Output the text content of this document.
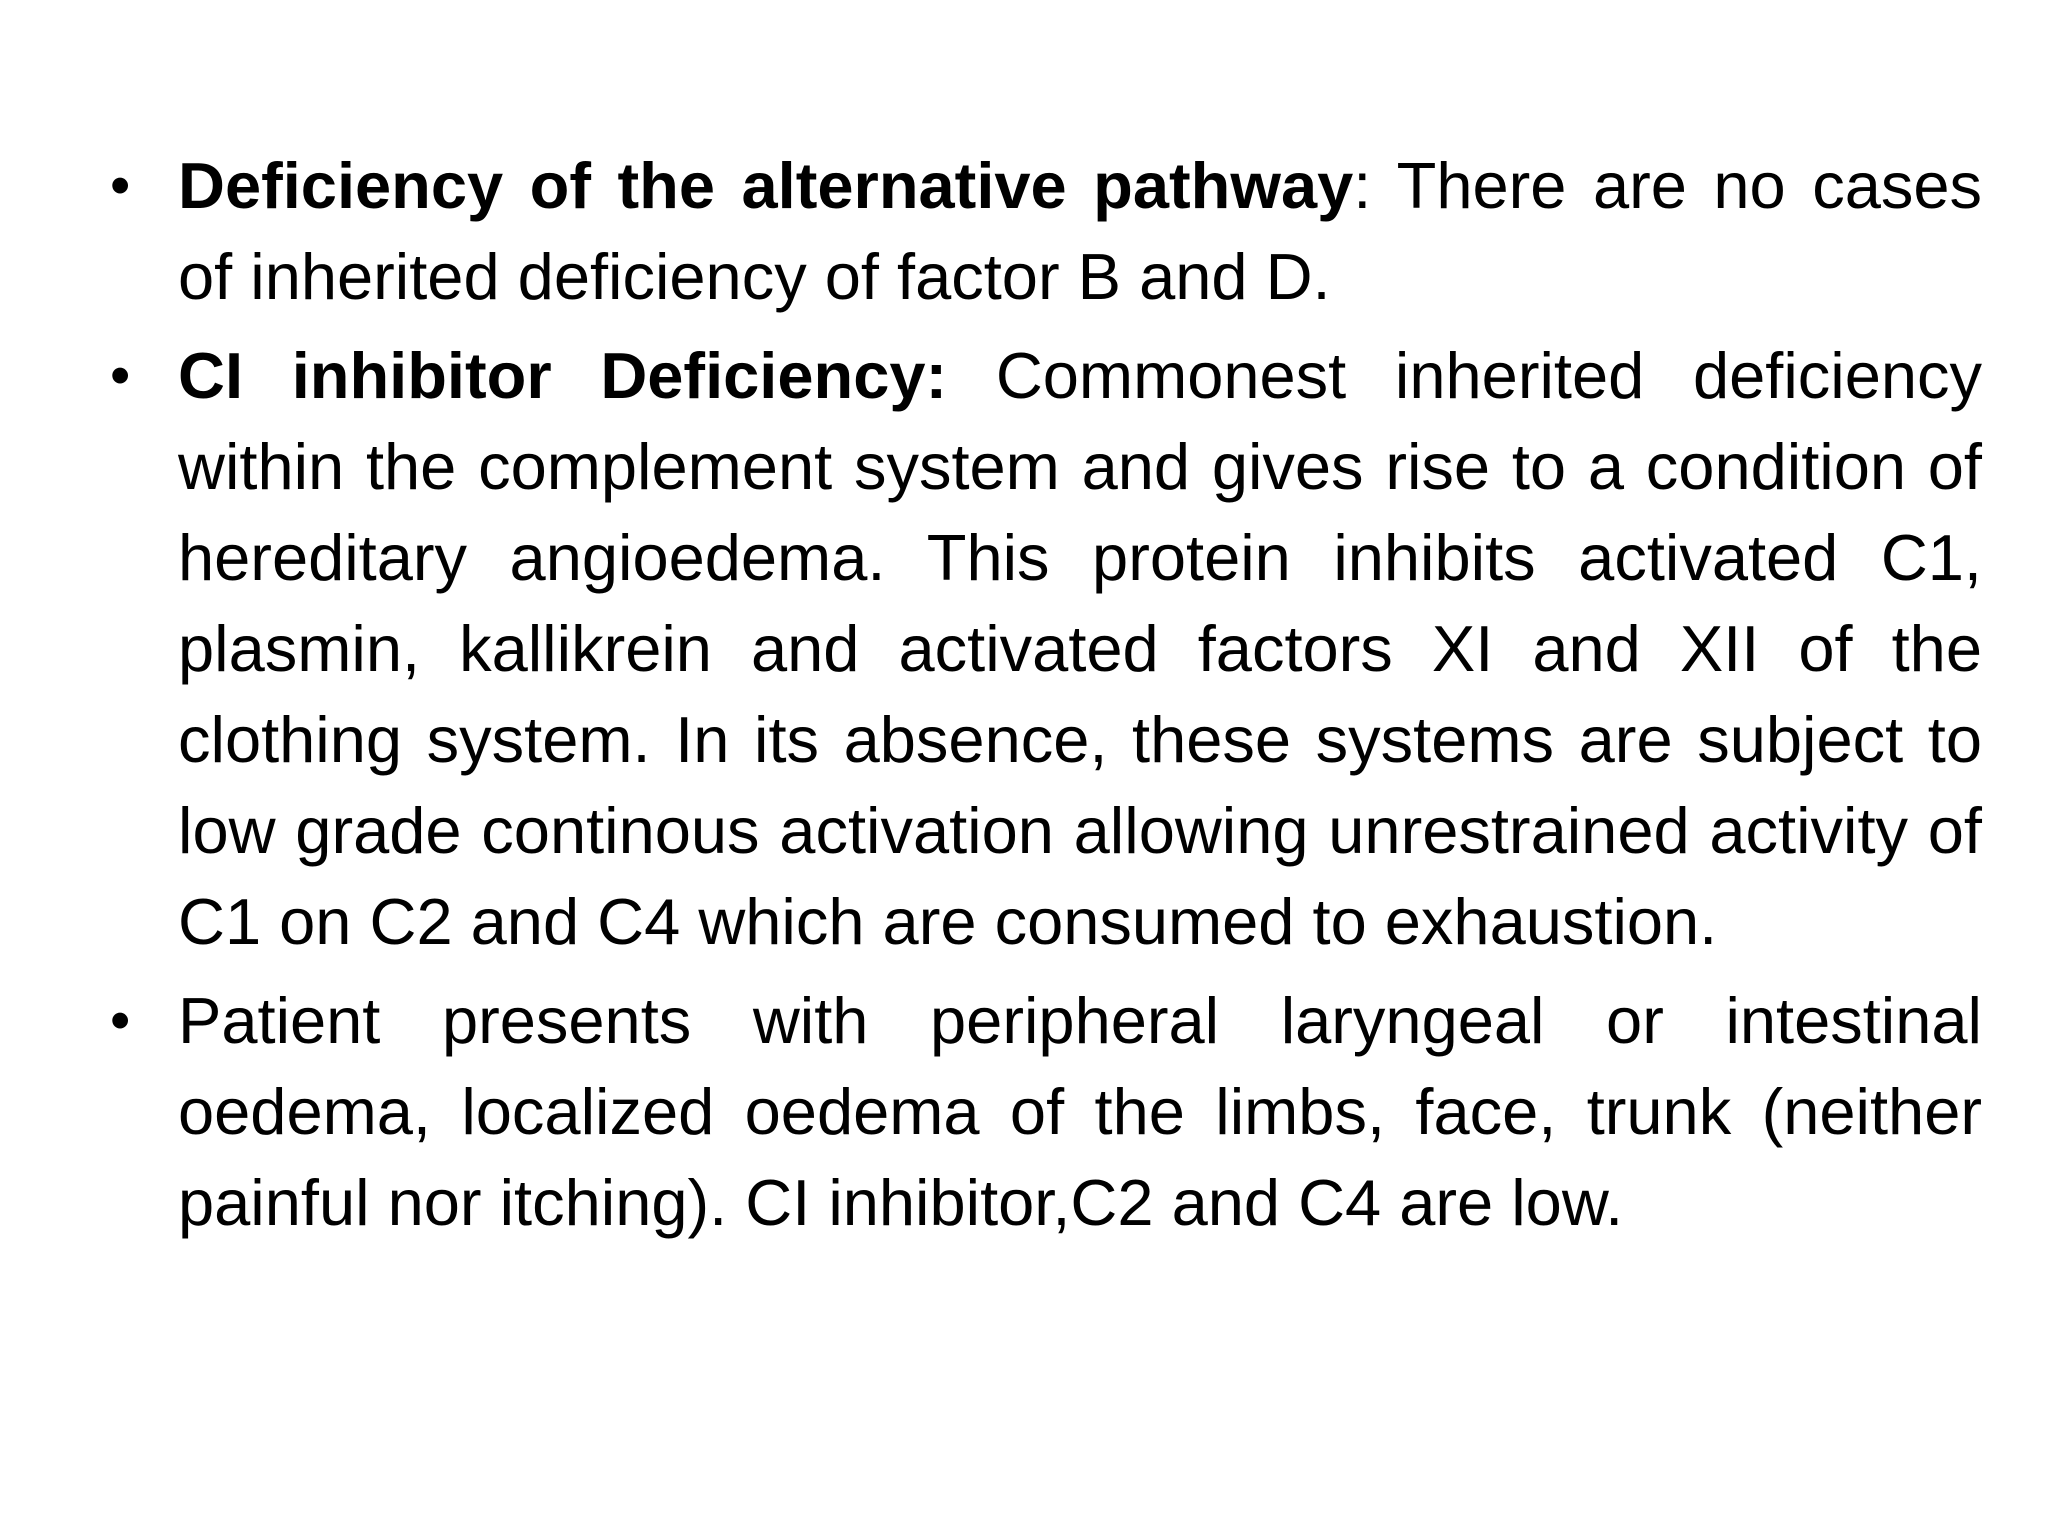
• Deficiency of the alternative pathway: There are no cases of inherited deficiency of factor B and D.
• CI inhibitor Deficiency: Commonest inherited deficiency within the complement system and gives rise to a condition of hereditary angioedema. This protein inhibits activated C1, plasmin, kallikrein and activated factors XI and XII of the clothing system. In its absence, these systems are subject to low grade continous activation allowing unrestrained activity of C1 on C2 and C4 which are consumed to exhaustion.
• Patient presents with peripheral laryngeal or intestinal oedema, localized oedema of the limbs, face, trunk (neither painful nor itching). CI inhibitor,C2 and C4 are low.
